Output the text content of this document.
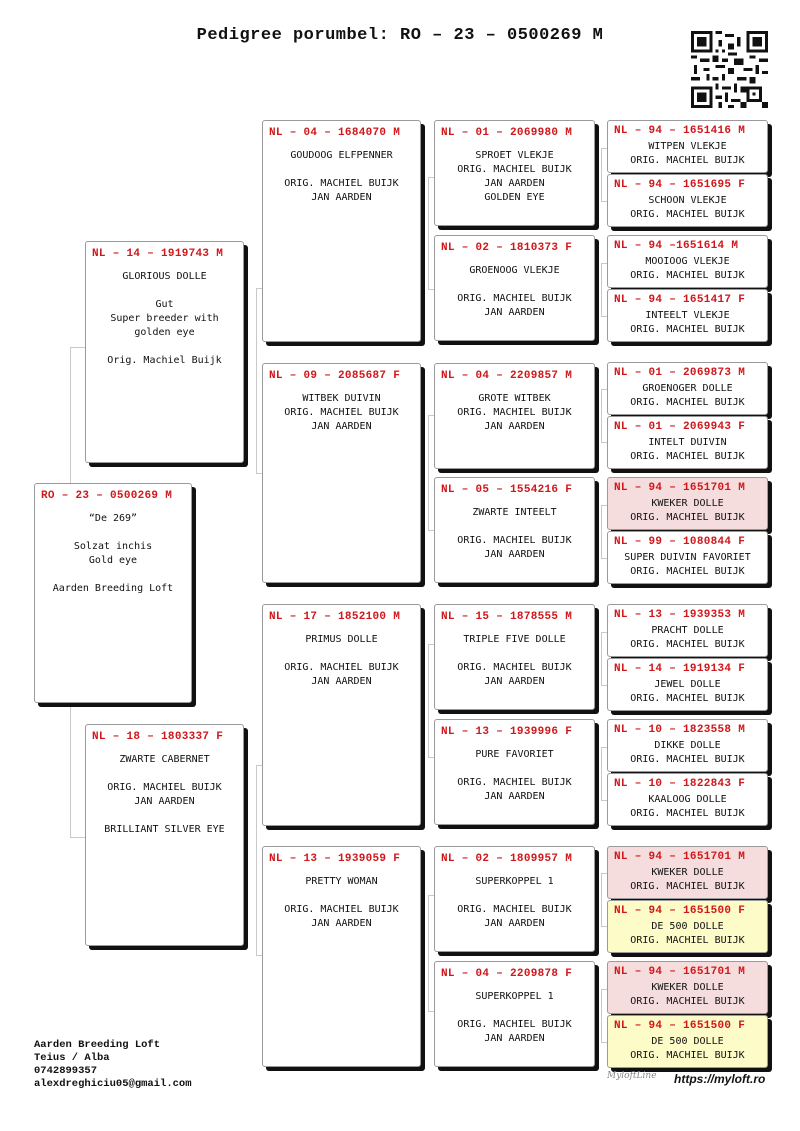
Pedigree porumbel: RO – 23 – 0500269 M
RO – 23 – 0500269 M
“De 269”
Solzat inchis
Gold eye
Aarden Breeding Loft
NL – 14 – 1919743 M
GLORIOUS DOLLE
Gut
Super breeder with
golden eye
Orig. Machiel Buijk
NL – 18 – 1803337 F
ZWARTE CABERNET
ORIG. MACHIEL BUIJK
JAN AARDEN
BRILLIANT SILVER EYE
NL – 04 – 1684070 M
GOUDOOG ELFPENNER
ORIG. MACHIEL BUIJK
JAN AARDEN
NL – 09 – 2085687 F
WITBEK DUIVIN
ORIG. MACHIEL BUIJK
JAN AARDEN
NL – 17 – 1852100 M
PRIMUS DOLLE
ORIG. MACHIEL BUIJK
JAN AARDEN
NL – 13 – 1939059 F
PRETTY WOMAN
ORIG. MACHIEL BUIJK
JAN AARDEN
NL – 01 – 2069980 M
SPROET VLEKJE
ORIG. MACHIEL BUIJK
JAN AARDEN
GOLDEN EYE
NL – 02 – 1810373 F
GROENOOG VLEKJE
ORIG. MACHIEL BUIJK
JAN AARDEN
NL – 04 – 2209857 M
GROTE WITBEK
ORIG. MACHIEL BUIJK
JAN AARDEN
NL – 05 – 1554216 F
ZWARTE INTEELT
ORIG. MACHIEL BUIJK
JAN AARDEN
NL – 15 – 1878555 M
TRIPLE FIVE DOLLE
ORIG. MACHIEL BUIJK
JAN AARDEN
NL – 13 – 1939996 F
PURE FAVORIET
ORIG. MACHIEL BUIJK
JAN AARDEN
NL – 02 – 1809957 M
SUPERKOPPEL 1
ORIG. MACHIEL BUIJK
JAN AARDEN
NL – 04 – 2209878 F
SUPERKOPPEL 1
ORIG. MACHIEL BUIJK
JAN AARDEN
NL – 94 – 1651416 M
WITPEN VLEKJE
ORIG. MACHIEL BUIJK
NL – 94 – 1651695 F
SCHOON VLEKJE
ORIG. MACHIEL BUIJK
NL – 94 –1651614 M
MOOIOOG VLEKJE
ORIG. MACHIEL BUIJK
NL – 94 – 1651417 F
INTEELT VLEKJE
ORIG. MACHIEL BUIJK
NL – 01 – 2069873 M
GROENOGER DOLLE
ORIG. MACHIEL BUIJK
NL – 01 – 2069943 F
INTELT DUIVIN
ORIG. MACHIEL BUIJK
NL – 94 – 1651701 M
KWEKER DOLLE
ORIG. MACHIEL BUIJK
NL – 99 – 1080844 F
SUPER DUIVIN FAVORIET
ORIG. MACHIEL BUIJK
NL – 13 – 1939353 M
PRACHT DOLLE
ORIG. MACHIEL BUIJK
NL – 14 – 1919134 F
JEWEL DOLLE
ORIG. MACHIEL BUIJK
NL – 10 – 1823558 M
DIKKE DOLLE
ORIG. MACHIEL BUIJK
NL – 10 – 1822843 F
KAALOOG DOLLE
ORIG. MACHIEL BUIJK
NL – 94 – 1651701 M
KWEKER DOLLE
ORIG. MACHIEL BUIJK
NL – 94 – 1651500 F
DE 500 DOLLE
ORIG. MACHIEL BUIJK
NL – 94 – 1651701 M
KWEKER DOLLE
ORIG. MACHIEL BUIJK
NL – 94 – 1651500 F
DE 500 DOLLE
ORIG. MACHIEL BUIJK
Aarden Breeding Loft
Teius / Alba
0742899357
alexdreghiciu05@gmail.com
MyloftLine https://myloft.ro
